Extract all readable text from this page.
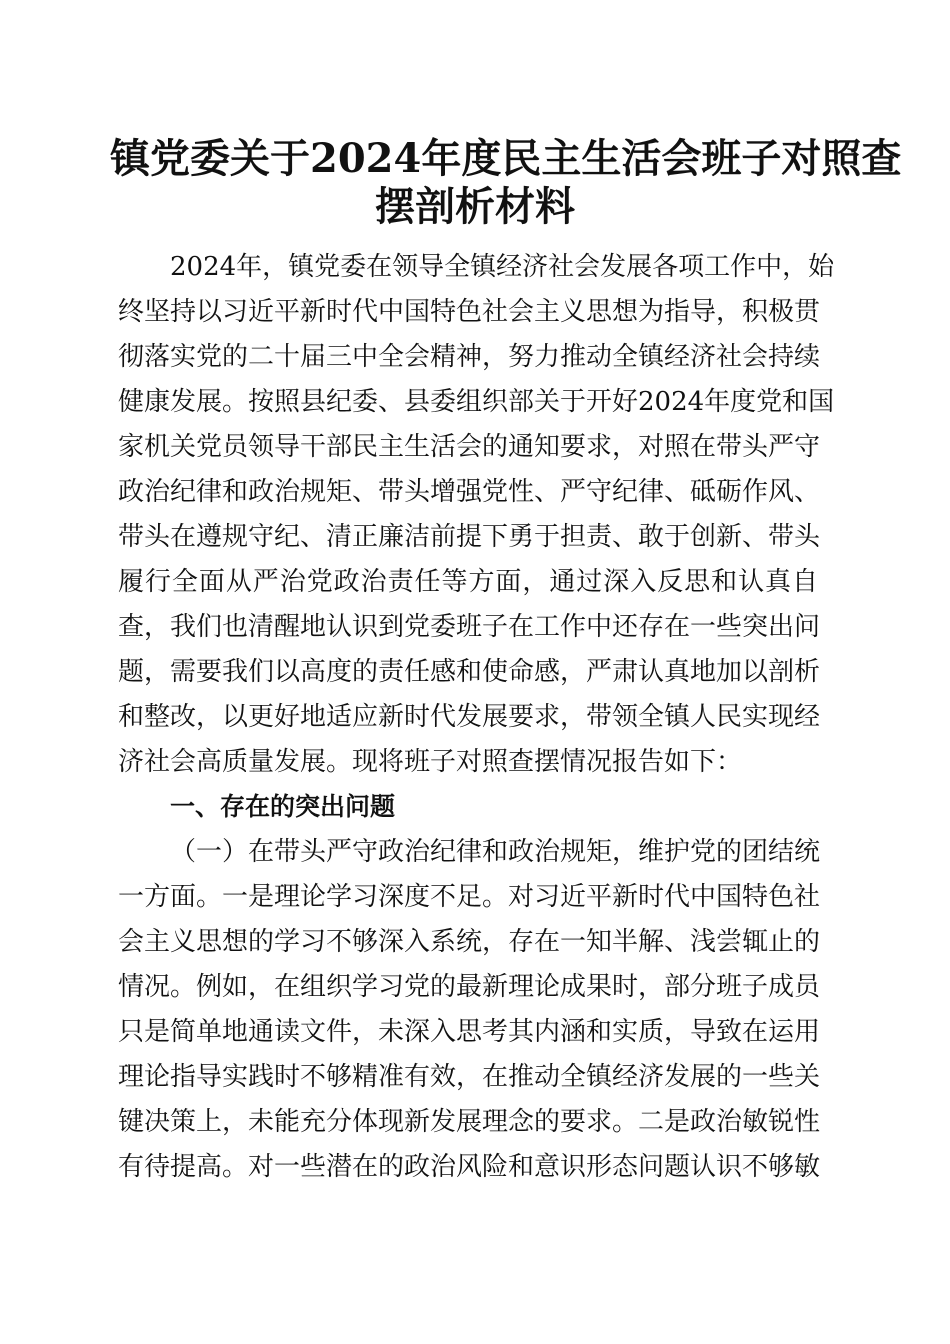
镇党委关于2024年度民主生活会班子对照查
摆剖析材料

2024年，镇党委在领导全镇经济社会发展各项工作中，始

终坚持以习近平新时代中国特色社会主义思想为指导，积极贯

彻落实党的二十届三中全会精神，努力推动全镇经济社会持续

健康发展。按照县纪委、县委组织部关于开好2024年度党和国

家机关党员领导干部民主生活会的通知要求，对照在带头严守

政治纪律和政治规矩、带头增强党性、严守纪律、砥砺作风、

带头在遵规守纪、清正廉洁前提下勇于担责、敢于创新、带头

履行全面从严治党政治责任等方面，通过深入反思和认真自

查，我们也清醒地认识到党委班子在工作中还存在一些突出问

题，需要我们以高度的责任感和使命感，严肃认真地加以剖析

和整改，以更好地适应新时代发展要求，带领全镇人民实现经

济社会高质量发展。现将班子对照查摆情况报告如下：

一、存在的突出问题

（一）在带头严守政治纪律和政治规矩，维护党的团结统

一方面。一是理论学习深度不足。对习近平新时代中国特色社

会主义思想的学习不够深入系统，存在一知半解、浅尝辄止的

情况。例如，在组织学习党的最新理论成果时，部分班子成员

只是简单地通读文件，未深入思考其内涵和实质，导致在运用

理论指导实践时不够精准有效，在推动全镇经济发展的一些关

键决策上，未能充分体现新发展理念的要求。二是政治敏锐性

有待提高。对一些潜在的政治风险和意识形态问题认识不够敏
